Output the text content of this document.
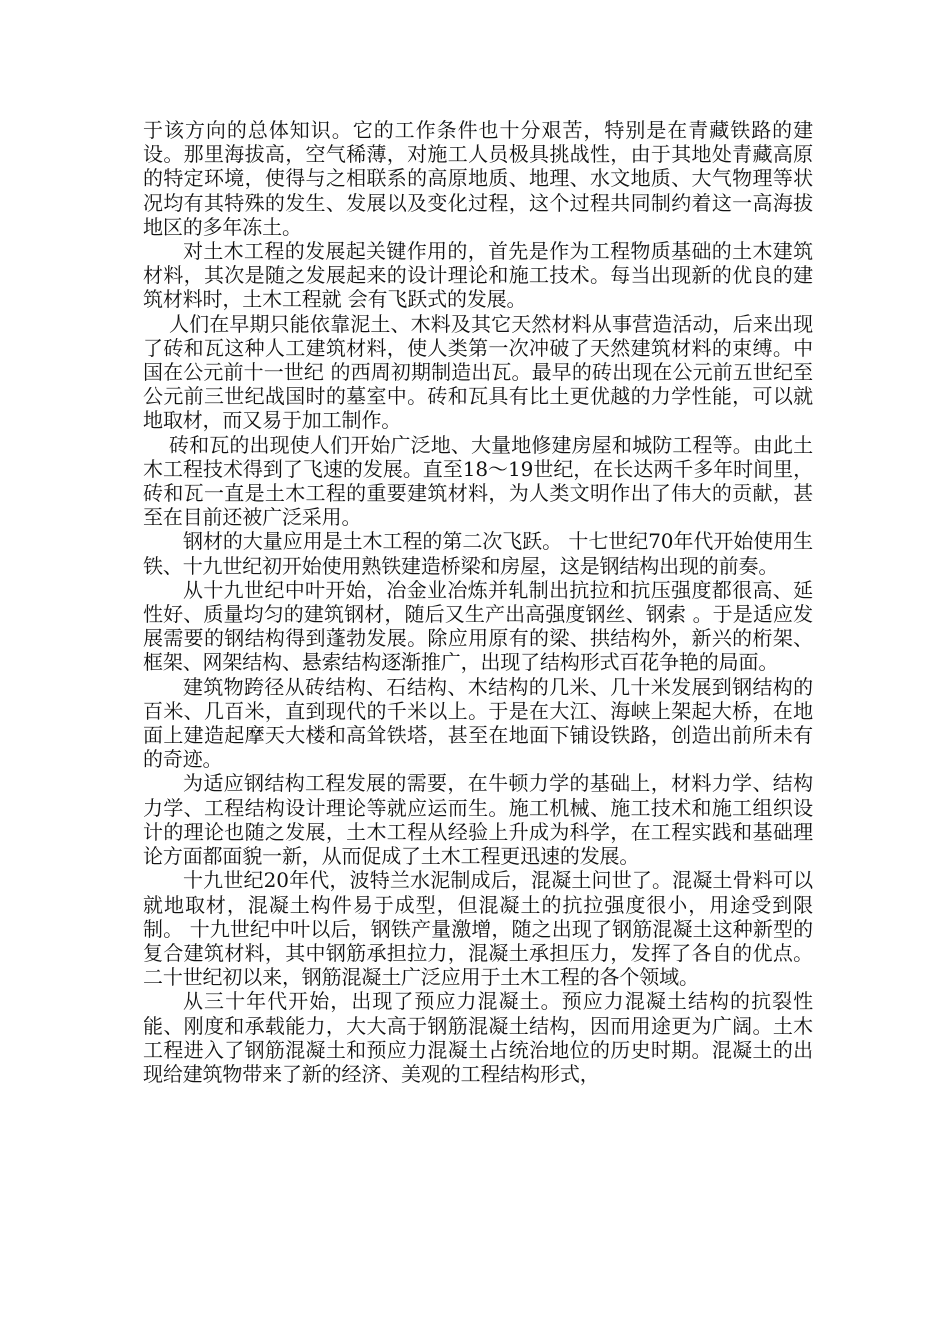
于该方向的总体知识。它的工作条件也十分艰苦，特别是在青藏铁路的建设。那里海拔高，空气稀薄，对施工人员极具挑战性，由于其地处青藏高原的特定环境，使得与之相联系的高原地质、地理、水文地质、大气物理等状况均有其特殊的发生、发展以及变化过程，这个过程共同制约着这一高海拔地区的多年冻土。

对土木工程的发展起关键作用的，首先是作为工程物质基础的土木建筑材料，其次是随之发展起来的设计理论和施工技术。每当出现新的优良的建筑材料时，土木工程就 会有飞跃式的发展。

人们在早期只能依靠泥土、木料及其它天然材料从事营造活动，后来出现了砖和瓦这种人工建筑材料，使人类第一次冲破了天然建筑材料的束缚。中国在公元前十一世纪 的西周初期制造出瓦。最早的砖出现在公元前五世纪至公元前三世纪战国时的墓室中。砖和瓦具有比土更优越的力学性能，可以就地取材，而又易于加工制作。

砖和瓦的出现使人们开始广泛地、大量地修建房屋和城防工程等。由此土木工程技术得到了飞速的发展。直至18～19世纪，在长达两千多年时间里，砖和瓦一直是土木工程的重要建筑材料，为人类文明作出了伟大的贡献，甚至在目前还被广泛采用。

钢材的大量应用是土木工程的第二次飞跃。 十七世纪70年代开始使用生铁、十九世纪初开始使用熟铁建造桥梁和房屋，这是钢结构出现的前奏。

从十九世纪中叶开始，冶金业冶炼并轧制出抗拉和抗压强度都很高、延性好、质量均匀的建筑钢材，随后又生产出高强度钢丝、钢索 。于是适应发展需要的钢结构得到蓬勃发展。除应用原有的梁、拱结构外，新兴的桁架、框架、网架结构、悬索结构逐渐推广，出现了结构形式百花争艳的局面。

建筑物跨径从砖结构、石结构、木结构的几米、几十米发展到钢结构的百米、几百米，直到现代的千米以上。于是在大江、海峡上架起大桥，在地面上建造起摩天大楼和高耸铁塔，甚至在地面下铺设铁路，创造出前所未有的奇迹。

为适应钢结构工程发展的需要，在牛顿力学的基础上，材料力学、结构力学、工程结构设计理论等就应运而生。施工机械、施工技术和施工组织设计的理论也随之发展，土木工程从经验上升成为科学，在工程实践和基础理论方面都面貌一新，从而促成了土木工程更迅速的发展。

十九世纪20年代，波特兰水泥制成后，混凝土问世了。混凝土骨料可以就地取材，混凝土构件易于成型，但混凝土的抗拉强度很小，用途受到限制。 十九世纪中叶以后，钢铁产量激增，随之出现了钢筋混凝土这种新型的复合建筑材料，其中钢筋承担拉力，混凝土承担压力，发挥了各自的优点。二十世纪初以来，钢筋混凝土广泛应用于土木工程的各个领域。

从三十年代开始，出现了预应力混凝土。预应力混凝土结构的抗裂性能、刚度和承载能力，大大高于钢筋混凝土结构，因而用途更为广阔。土木工程进入了钢筋混凝土和预应力混凝土占统治地位的历史时期。混凝土的出现给建筑物带来了新的经济、美观的工程结构形式，
